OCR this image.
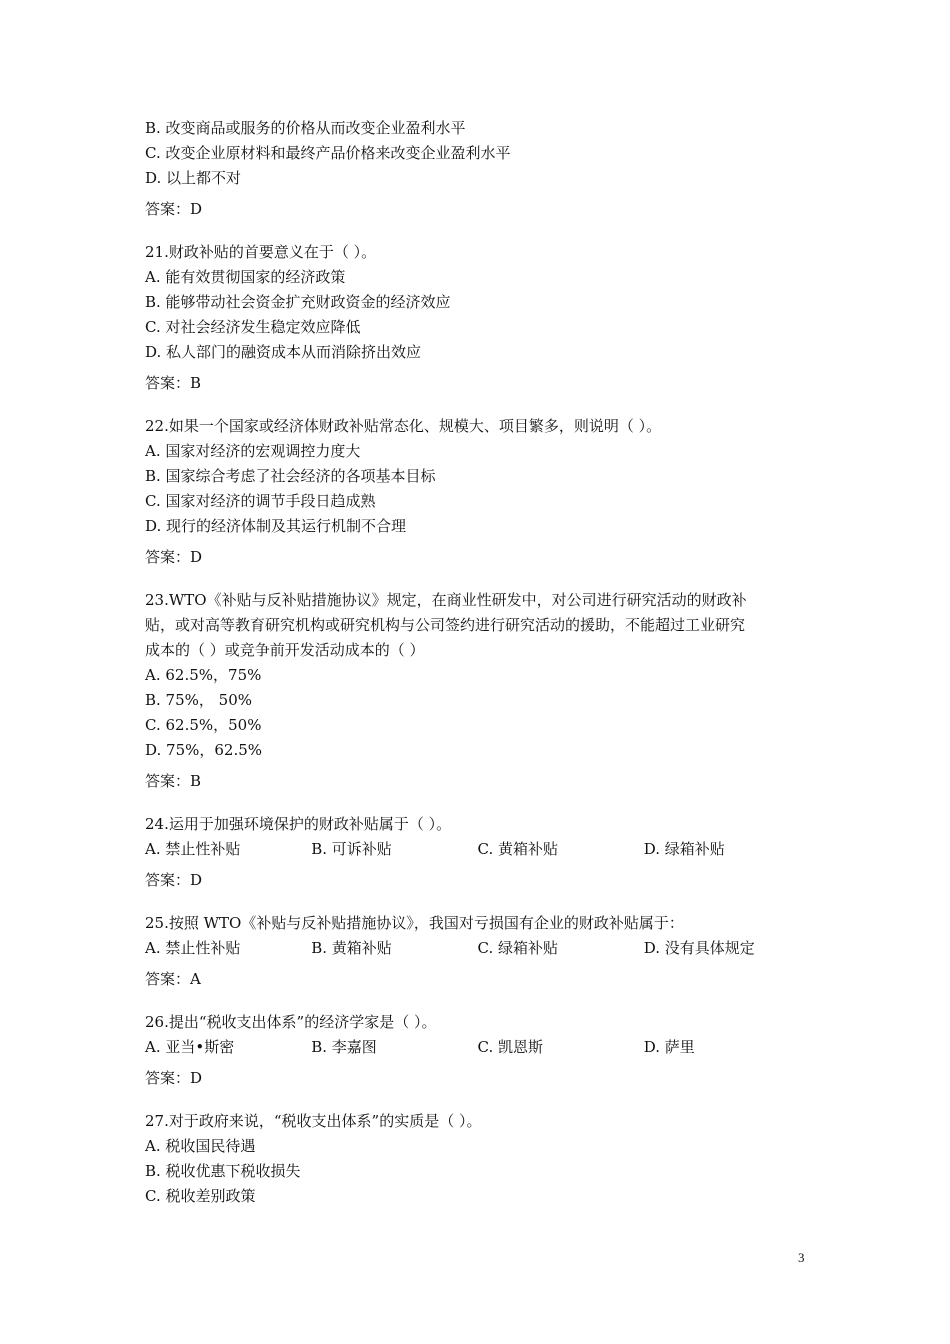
B. 改变商品或服务的价格从而改变企业盈利水平
C. 改变企业原材料和最终产品价格来改变企业盈利水平
D. 以上都不对
答案：D
21.财政补贴的首要意义在于（ ）。
A. 能有效贯彻国家的经济政策
B. 能够带动社会资金扩充财政资金的经济效应
C. 对社会经济发生稳定效应降低
D. 私人部门的融资成本从而消除挤出效应
答案：B
22.如果一个国家或经济体财政补贴常态化、规模大、项目繁多，则说明（ ）。
A. 国家对经济的宏观调控力度大
B. 国家综合考虑了社会经济的各项基本目标
C. 国家对经济的调节手段日趋成熟
D. 现行的经济体制及其运行机制不合理
答案：D
23.WTO《补贴与反补贴措施协议》规定，在商业性研发中，对公司进行研究活动的财政补
贴，或对高等教育研究机构或研究机构与公司签约进行研究活动的援助，不能超过工业研究
成本的（ ）或竞争前开发活动成本的（ ）
A. 62.5%，75%
B. 75%， 50%
C. 62.5%，50%
D. 75%，62.5%
答案：B
24.运用于加强环境保护的财政补贴属于（ ）。
A. 禁止性补贴	B. 可诉补贴	C. 黄箱补贴	D. 绿箱补贴
答案：D
25.按照 WTO《补贴与反补贴措施协议》，我国对亏损国有企业的财政补贴属于：
A. 禁止性补贴	B. 黄箱补贴	C. 绿箱补贴	D. 没有具体规定
答案：A
26.提出“税收支出体系”的经济学家是（ ）。
A. 亚当•斯密	B. 李嘉图	C. 凯恩斯	D. 萨里
答案：D
27.对于政府来说，“税收支出体系”的实质是（ ）。
A. 税收国民待遇
B. 税收优惠下税收损失
C. 税收差别政策
3
